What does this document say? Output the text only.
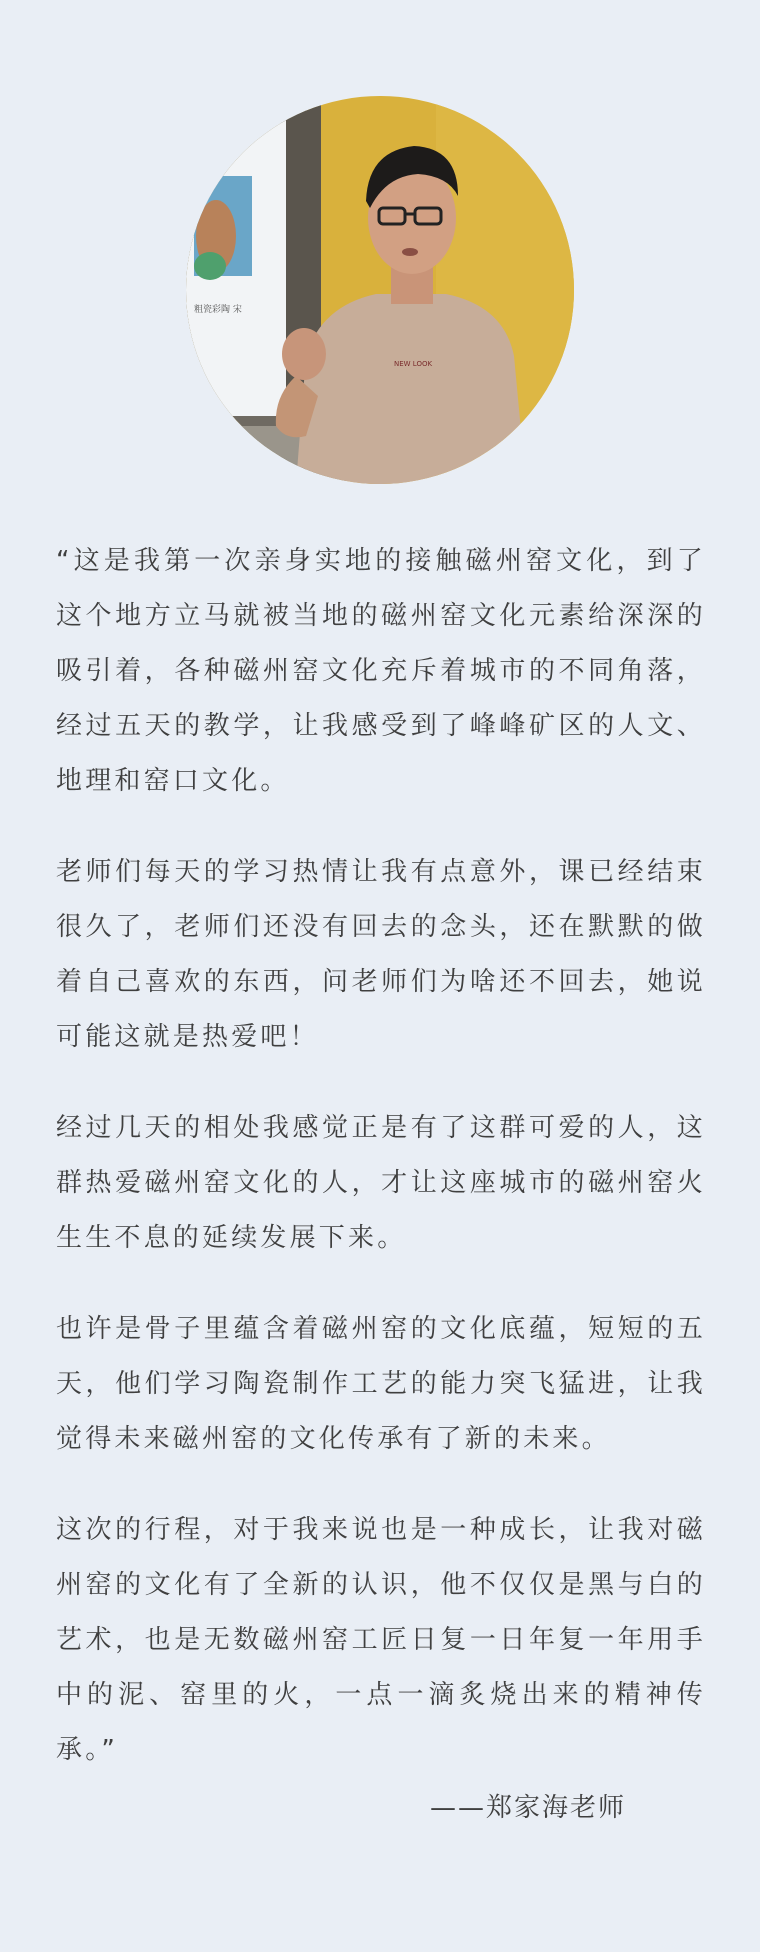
粗瓷彩陶 宋
NEW LOOK

“这是我第一次亲身实地的接触磁州窑文化，到了这个地方立马就被当地的磁州窑文化元素给深深的吸引着，各种磁州窑文化充斥着城市的不同角落，经过五天的教学，让我感受到了峰峰矿区的人文、地理和窑口文化。

老师们每天的学习热情让我有点意外，课已经结束很久了，老师们还没有回去的念头，还在默默的做着自己喜欢的东西，问老师们为啥还不回去，她说可能这就是热爱吧！

经过几天的相处我感觉正是有了这群可爱的人，这群热爱磁州窑文化的人，才让这座城市的磁州窑火生生不息的延续发展下来。

也许是骨子里蕴含着磁州窑的文化底蕴，短短的五天，他们学习陶瓷制作工艺的能力突飞猛进，让我觉得未来磁州窑的文化传承有了新的未来。

这次的行程，对于我来说也是一种成长，让我对磁州窑的文化有了全新的认识，他不仅仅是黑与白的艺术，也是无数磁州窑工匠日复一日年复一年用手中的泥、窑里的火，一点一滴炙烧出来的精神传承。”

——郑家海老师
